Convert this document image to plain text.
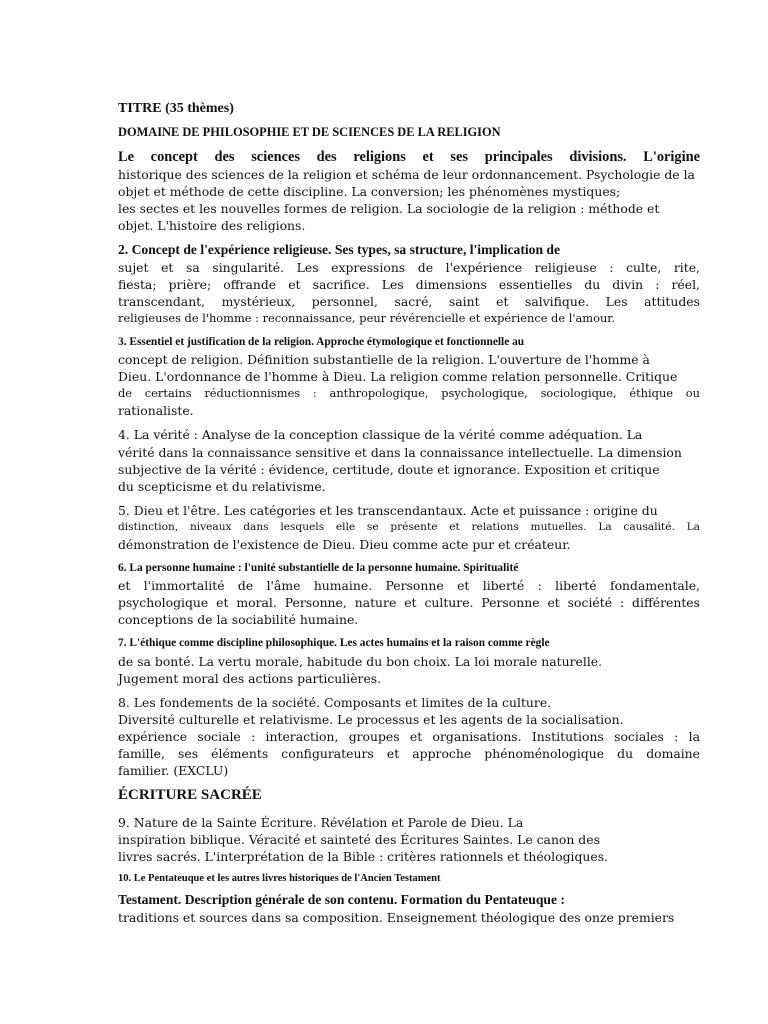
TITRE (35 thèmes)
DOMAINE DE PHILOSOPHIE ET DE SCIENCES DE LA RELIGION
Le concept des sciences des religions et ses principales divisions. L'origine
historique des sciences de la religion et schéma de leur ordonnancement. Psychologie de la
objet et méthode de cette discipline. La conversion; les phénomènes mystiques;
les sectes et les nouvelles formes de religion. La sociologie de la religion : méthode et
objet. L'histoire des religions.
2. Concept de l'expérience religieuse. Ses types, sa structure, l'implication de
sujet et sa singularité. Les expressions de l'expérience religieuse : culte, rite,
fiesta; prière; offrande et sacrifice. Les dimensions essentielles du divin : réel,
transcendant, mystérieux, personnel, sacré, saint et salvifique. Les attitudes
religieuses de l'homme : reconnaissance, peur révérencielle et expérience de l'amour.
3. Essentiel et justification de la religion. Approche étymologique et fonctionnelle au
concept de religion. Définition substantielle de la religion. L'ouverture de l'homme à
Dieu. L'ordonnance de l'homme à Dieu. La religion comme relation personnelle. Critique
de certains réductionnismes : anthropologique, psychologique, sociologique, éthique ou
rationaliste.
4. La vérité : Analyse de la conception classique de la vérité comme adéquation. La
vérité dans la connaissance sensitive et dans la connaissance intellectuelle. La dimension
subjective de la vérité : évidence, certitude, doute et ignorance. Exposition et critique
du scepticisme et du relativisme.
5. Dieu et l'être. Les catégories et les transcendantaux. Acte et puissance : origine du
distinction, niveaux dans lesquels elle se présente et relations mutuelles. La causalité. La
démonstration de l'existence de Dieu. Dieu comme acte pur et créateur.
6. La personne humaine : l'unité substantielle de la personne humaine. Spiritualité
et l'immortalité de l'âme humaine. Personne et liberté : liberté fondamentale,
psychologique et moral. Personne, nature et culture. Personne et société : différentes
conceptions de la sociabilité humaine.
7. L'éthique comme discipline philosophique. Les actes humains et la raison comme règle
de sa bonté. La vertu morale, habitude du bon choix. La loi morale naturelle.
Jugement moral des actions particulières.
8. Les fondements de la société. Composants et limites de la culture.
Diversité culturelle et relativisme. Le processus et les agents de la socialisation.
expérience sociale : interaction, groupes et organisations. Institutions sociales : la
famille, ses éléments configurateurs et approche phénoménologique du domaine
familier. (EXCLU)
ÉCRITURE SACRÉE
9. Nature de la Sainte Écriture. Révélation et Parole de Dieu. La
inspiration biblique. Véracité et sainteté des Écritures Saintes. Le canon des
livres sacrés. L'interprétation de la Bible : critères rationnels et théologiques.
10. Le Pentateuque et les autres livres historiques de l'Ancien Testament
Testament. Description générale de son contenu. Formation du Pentateuque :
traditions et sources dans sa composition. Enseignement théologique des onze premiers
